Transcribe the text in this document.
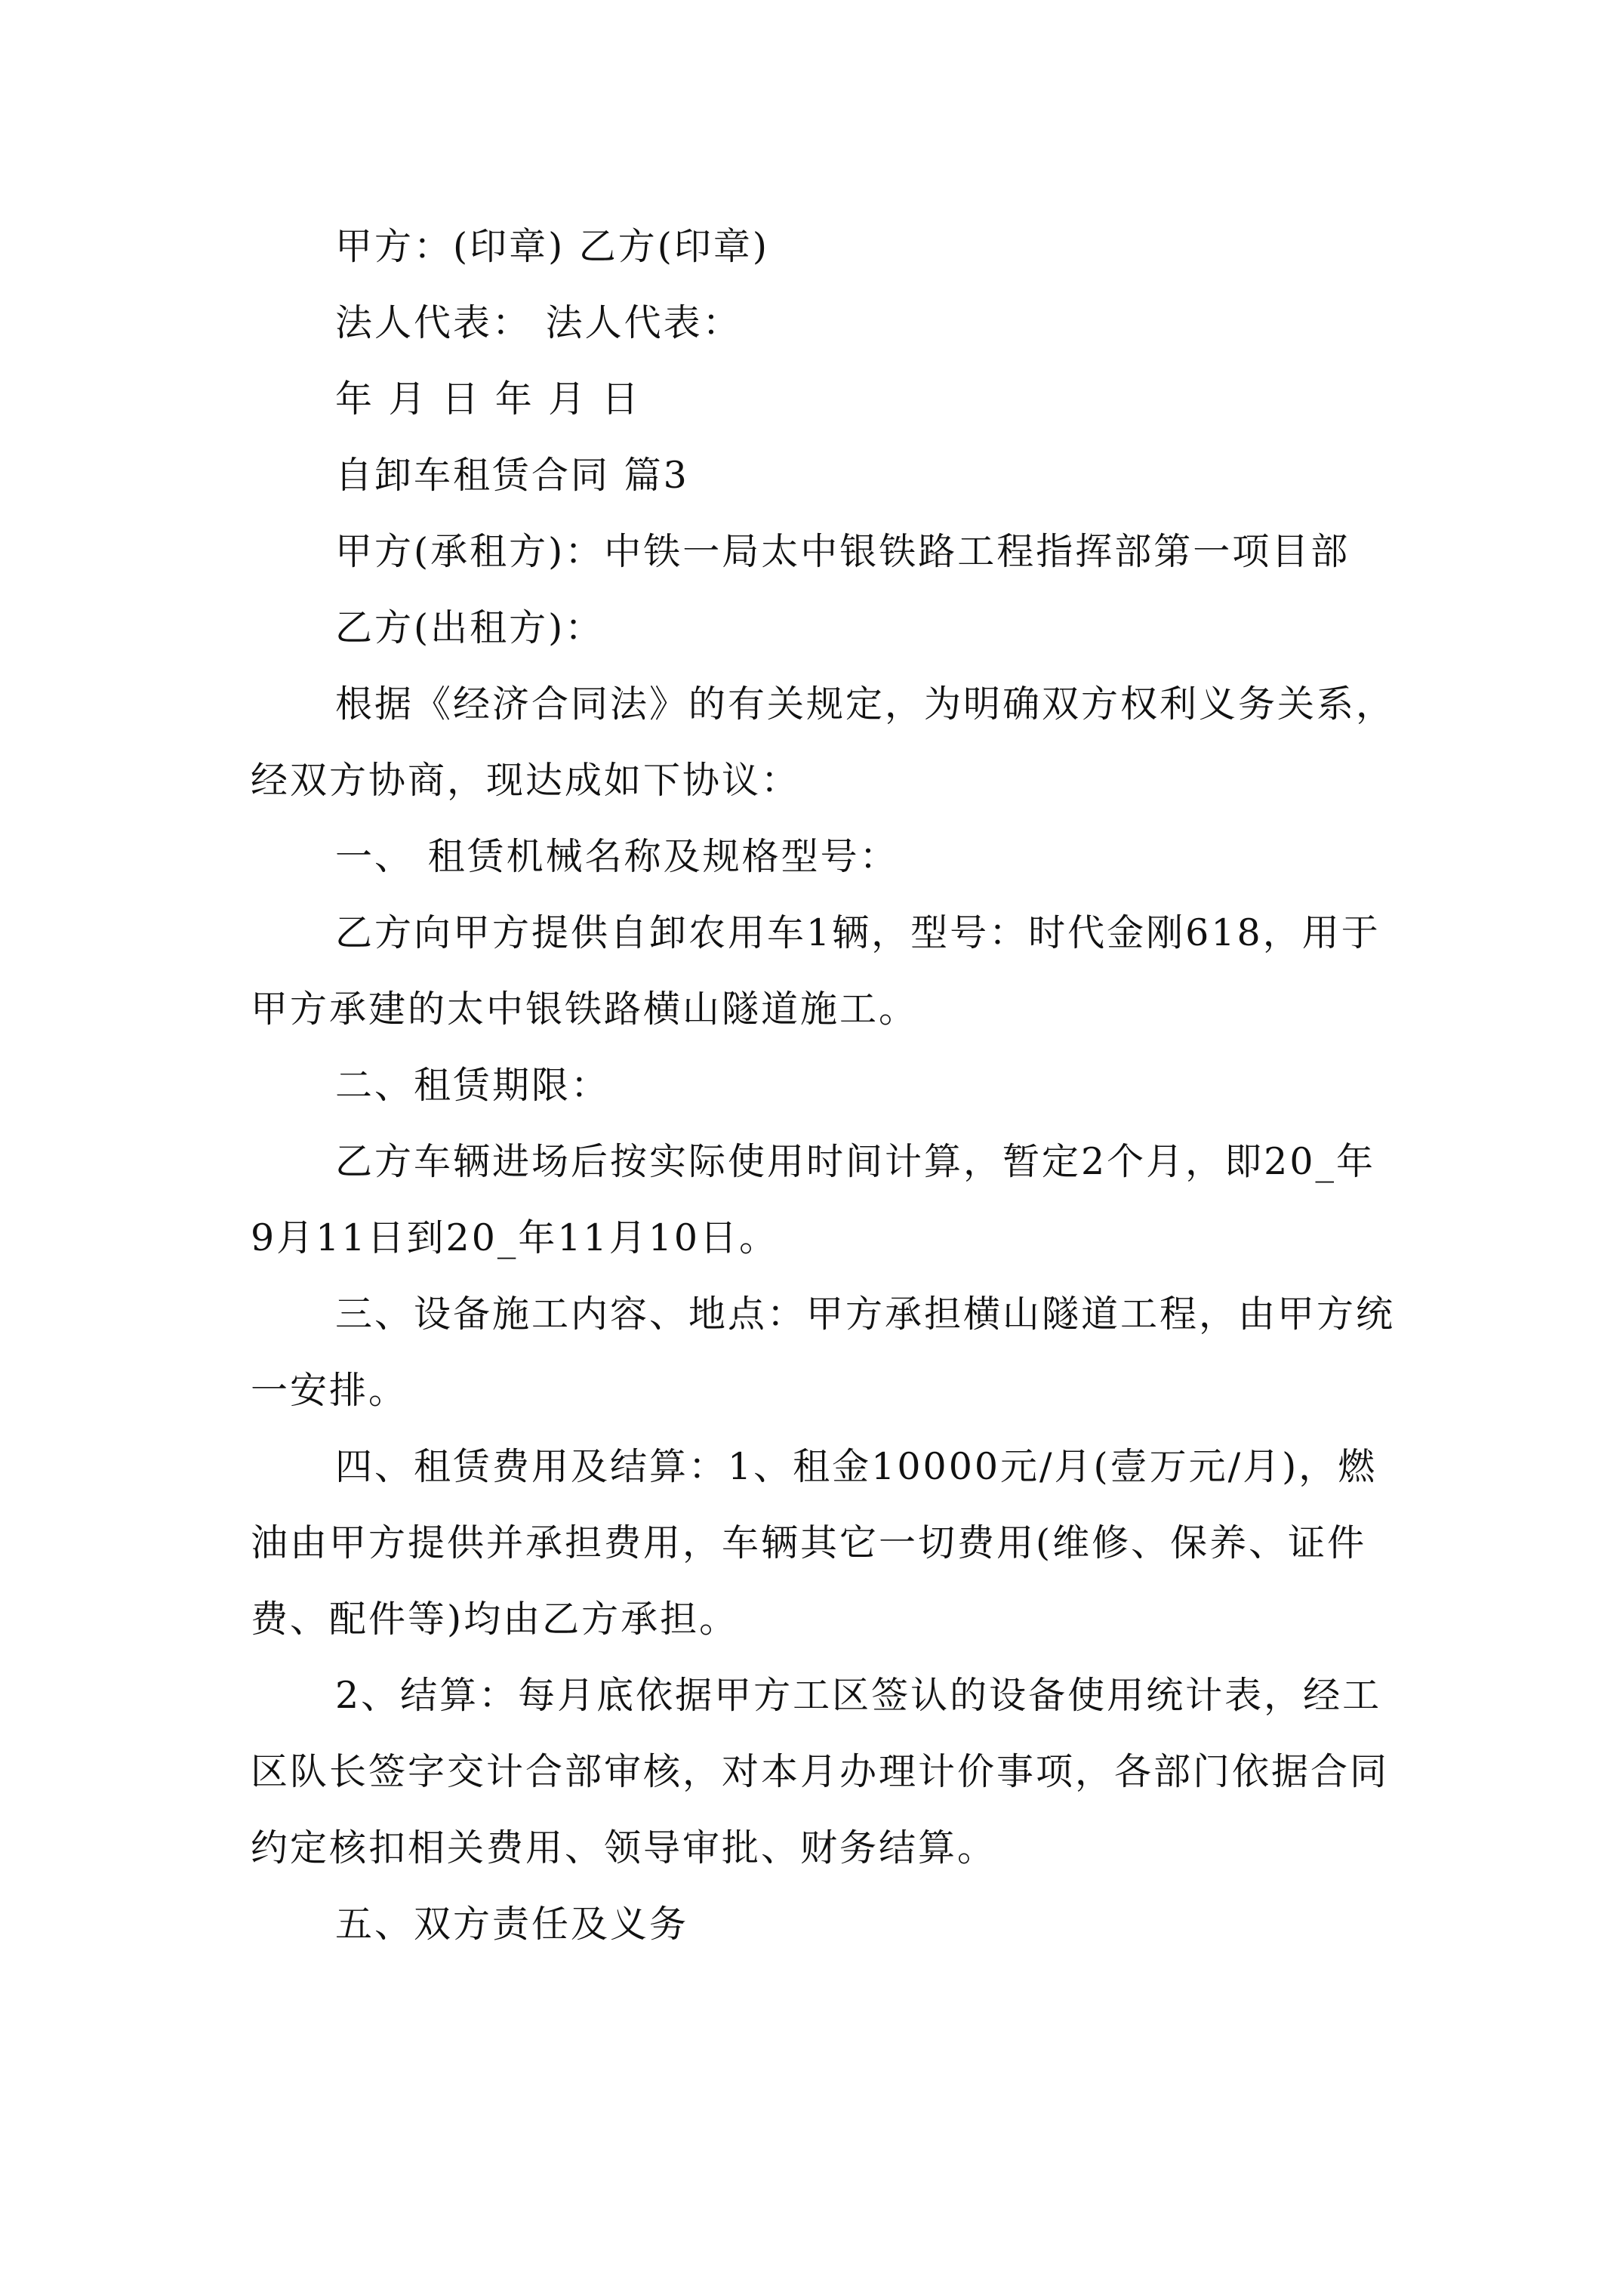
甲方：(印章) 乙方(印章)

法人代表： 法人代表：

年 月 日 年 月 日

自卸车租赁合同 篇3

甲方(承租方)：中铁一局太中银铁路工程指挥部第一项目部

乙方(出租方)：

根据《经济合同法》的有关规定，为明确双方权利义务关系，经双方协商，现达成如下协议：

一、 租赁机械名称及规格型号：

乙方向甲方提供自卸农用车1辆，型号：时代金刚618，用于甲方承建的太中银铁路横山隧道施工。

二、租赁期限：

乙方车辆进场后按实际使用时间计算，暂定2个月，即20_年9月11日到20_年11月10日。

三、设备施工内容、地点：甲方承担横山隧道工程，由甲方统一安排。

四、租赁费用及结算：1、租金10000元/月(壹万元/月)，燃油由甲方提供并承担费用，车辆其它一切费用(维修、保养、证件费、配件等)均由乙方承担。

2、结算：每月底依据甲方工区签认的设备使用统计表，经工区队长签字交计合部审核，对本月办理计价事项，各部门依据合同约定核扣相关费用、领导审批、财务结算。

五、双方责任及义务
